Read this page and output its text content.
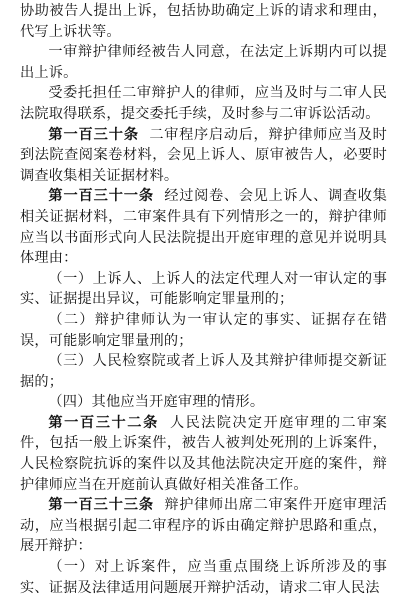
协助被告人提出上诉，包括协助确定上诉的请求和理由，代写上诉状等。

一审辩护律师经被告人同意，在法定上诉期内可以提出上诉。

受委托担任二审辩护人的律师，应当及时与二审人民法院取得联系，提交委托手续，及时参与二审诉讼活动。

第一百三十条 二审程序启动后，辩护律师应当及时到法院查阅案卷材料，会见上诉人、原审被告人，必要时调查收集相关证据材料。

第一百三十一条 经过阅卷、会见上诉人、调查收集相关证据材料，二审案件具有下列情形之一的，辩护律师应当以书面形式向人民法院提出开庭审理的意见并说明具体理由：

（一）上诉人、上诉人的法定代理人对一审认定的事实、证据提出异议，可能影响定罪量刑的；

（二）辩护律师认为一审认定的事实、证据存在错误，可能影响定罪量刑的；

（三）人民检察院或者上诉人及其辩护律师提交新证据的；

（四）其他应当开庭审理的情形。

第一百三十二条 人民法院决定开庭审理的二审案件，包括一般上诉案件，被告人被判处死刑的上诉案件，人民检察院抗诉的案件以及其他法院决定开庭的案件，辩护律师应当在开庭前认真做好相关准备工作。

第一百三十三条 辩护律师出席二审案件开庭审理活动，应当根据引起二审程序的诉由确定辩护思路和重点，展开辩护：

（一）对上诉案件，应当重点围绕上诉所涉及的事实、证据及法律适用问题展开辩护活动，请求二审人民法
